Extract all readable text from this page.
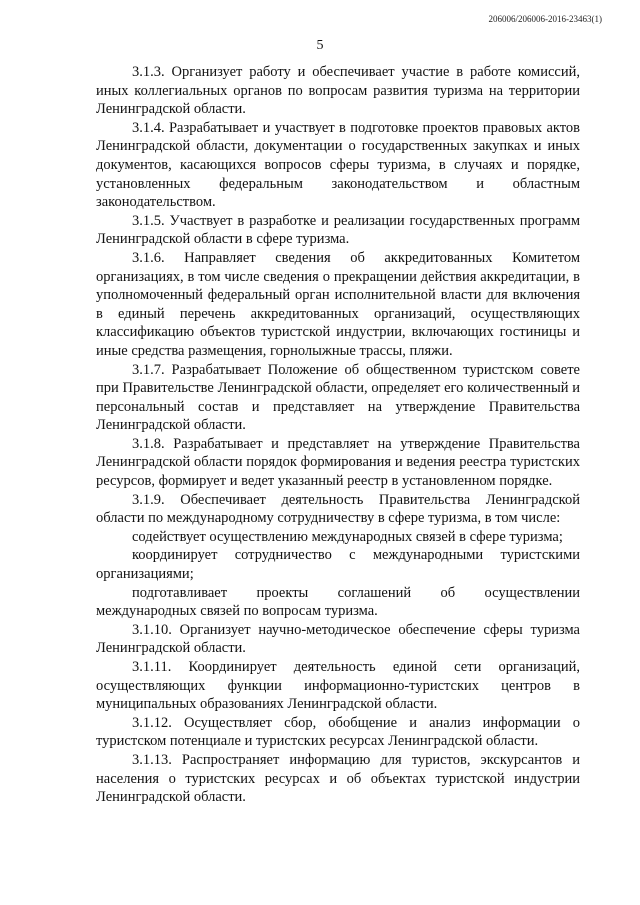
206006/206006-2016-23463(1)
5

3.1.3. Организует работу и обеспечивает участие в работе комиссий, иных коллегиальных органов по вопросам развития туризма на территории Ленинградской области.

3.1.4. Разрабатывает и участвует в подготовке проектов правовых актов Ленинградской области, документации о государственных закупках и иных документов, касающихся вопросов сферы туризма, в случаях и порядке, установленных федеральным законодательством и областным законодательством.

3.1.5. Участвует в разработке и реализации государственных программ Ленинградской области в сфере туризма.

3.1.6. Направляет сведения об аккредитованных Комитетом организациях, в том числе сведения о прекращении действия аккредитации, в уполномоченный федеральный орган исполнительной власти для включения в единый перечень аккредитованных организаций, осуществляющих классификацию объектов туристской индустрии, включающих гостиницы и иные средства размещения, горнолыжные трассы, пляжи.

3.1.7. Разрабатывает Положение об общественном туристском совете при Правительстве Ленинградской области, определяет его количественный и персональный состав и представляет на утверждение Правительства Ленинградской области.

3.1.8. Разрабатывает и представляет на утверждение Правительства Ленинградской области порядок формирования и ведения реестра туристских ресурсов, формирует и ведет указанный реестр в установленном порядке.

3.1.9. Обеспечивает деятельность Правительства Ленинградской области по международному сотрудничеству в сфере туризма, в том числе:

содействует осуществлению международных связей в сфере туризма;

координирует сотрудничество с международными туристскими организациями;

подготавливает проекты соглашений об осуществлении международных связей по вопросам туризма.

3.1.10. Организует научно-методическое обеспечение сферы туризма Ленинградской области.

3.1.11. Координирует деятельность единой сети организаций, осуществляющих функции информационно-туристских центров в муниципальных образованиях Ленинградской области.

3.1.12. Осуществляет сбор, обобщение и анализ информации о туристском потенциале и туристских ресурсах Ленинградской области.

3.1.13. Распространяет информацию для туристов, экскурсантов и населения о туристских ресурсах и об объектах туристской индустрии Ленинградской области.
